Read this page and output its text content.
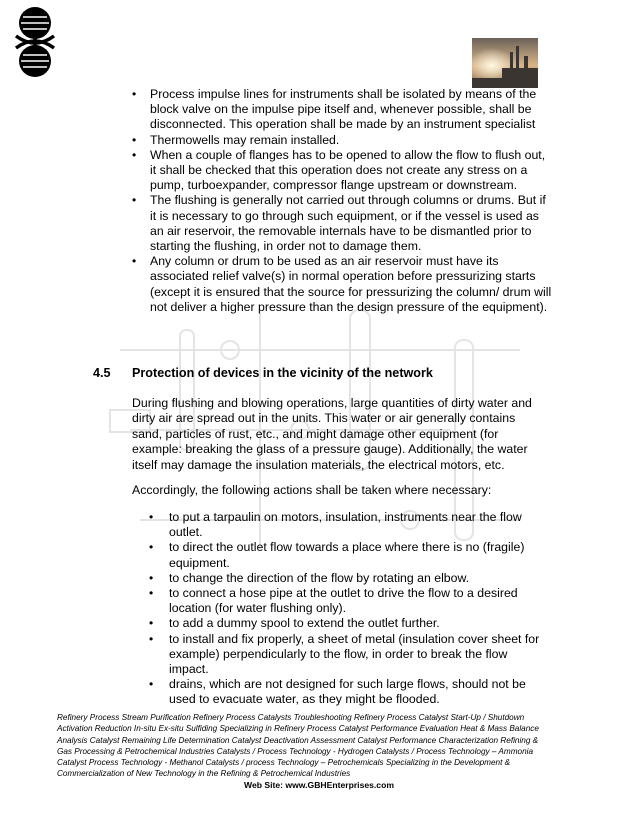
• Process impulse lines for instruments shall be isolated by means of the block valve on the impulse pipe itself and, whenever possible, shall be disconnected. This operation shall be made by an instrument specialist
• Thermowells may remain installed.
• When a couple of flanges has to be opened to allow the flow to flush out, it shall be checked that this operation does not create any stress on a pump, turboexpander, compressor flange upstream or downstream.
• The flushing is generally not carried out through columns or drums. But if it is necessary to go through such equipment, or if the vessel is used as an air reservoir, the removable internals have to be dismantled prior to starting the flushing, in order not to damage them.
• Any column or drum to be used as an air reservoir must have its associated relief valve(s) in normal operation before pressurizing starts (except it is ensured that the source for pressurizing the column/ drum will not deliver a higher pressure than the design pressure of the equipment).
4.5 Protection of devices in the vicinity of the network
During flushing and blowing operations, large quantities of dirty water and dirty air are spread out in the units. This water or air generally contains sand, particles of rust, etc., and might damage other equipment (for example: breaking the glass of a pressure gauge). Additionally, the water itself may damage the insulation materials, the electrical motors, etc.
Accordingly, the following actions shall be taken where necessary:
• to put a tarpaulin on motors, insulation, instruments near the flow outlet.
• to direct the outlet flow towards a place where there is no (fragile) equipment.
• to change the direction of the flow by rotating an elbow.
• to connect a hose pipe at the outlet to drive the flow to a desired location (for water flushing only).
• to add a dummy spool to extend the outlet further.
• to install and fix properly, a sheet of metal (insulation cover sheet for example) perpendicularly to the flow, in order to break the flow impact.
• drains, which are not designed for such large flows, should not be used to evacuate water, as they might be flooded.
Refinery Process Stream Purification Refinery Process Catalysts Troubleshooting Refinery Process Catalyst Start-Up / Shutdown Activation Reduction In-situ Ex-situ Sulfiding Specializing in Refinery Process Catalyst Performance Evaluation Heat & Mass Balance Analysis Catalyst Remaining Life Determination Catalyst Deactivation Assessment Catalyst Performance Characterization Refining & Gas Processing & Petrochemical Industries Catalysts / Process Technology - Hydrogen Catalysts / Process Technology – Ammonia Catalyst Process Technology - Methanol Catalysts / process Technology – Petrochemicals Specializing in the Development & Commercialization of New Technology in the Refining & Petrochemical Industries
Web Site: www.GBHEnterprises.com
